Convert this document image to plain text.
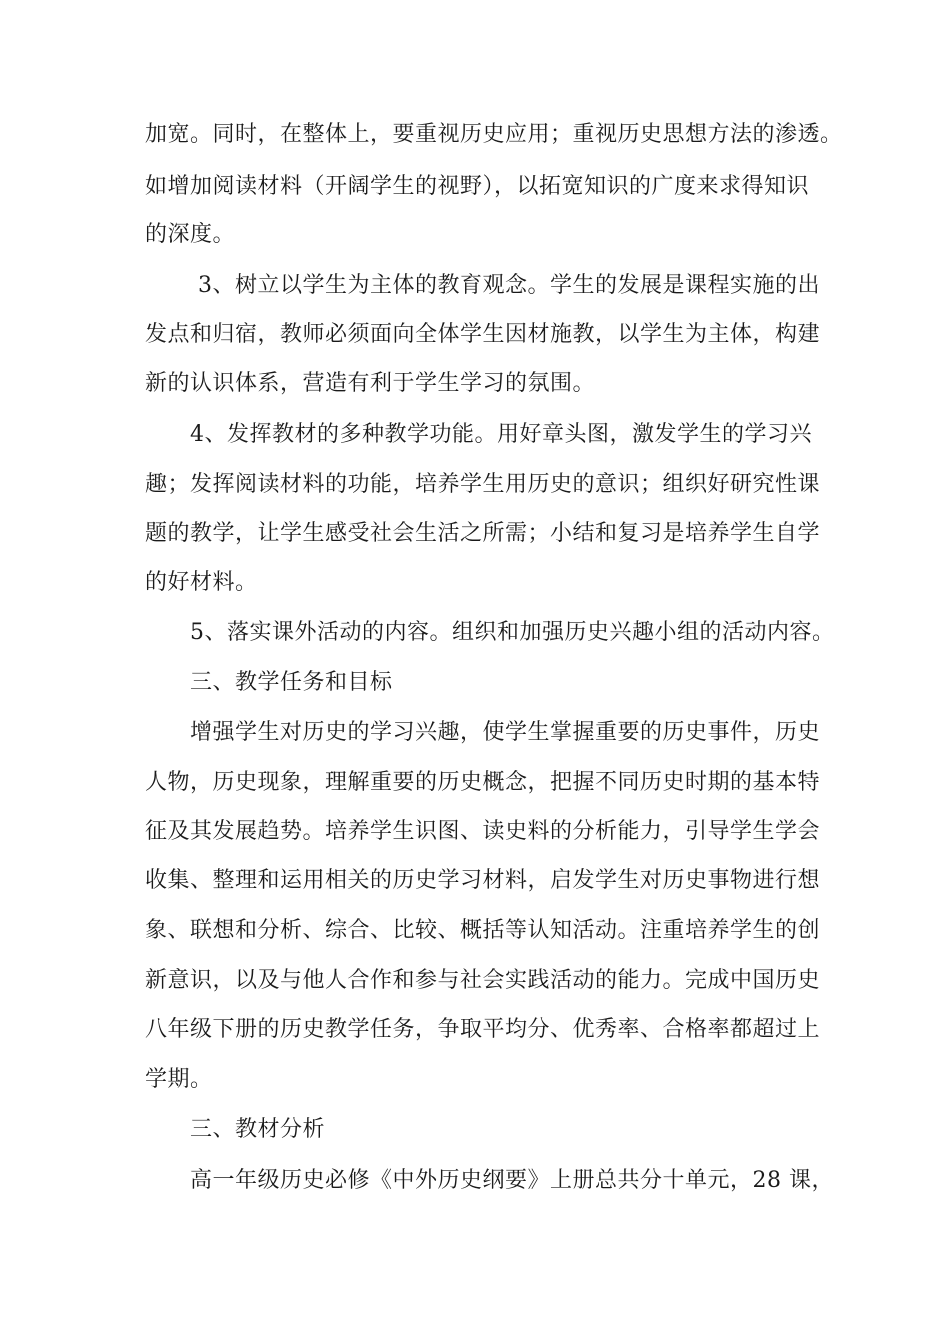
加宽。同时，在整体上，要重视历史应用；重视历史思想方法的渗透。
如增加阅读材料（开阔学生的视野），以拓宽知识的广度来求得知识
的深度。
3、树立以学生为主体的教育观念。学生的发展是课程实施的出
发点和归宿，教师必须面向全体学生因材施教，以学生为主体，构建
新的认识体系，营造有利于学生学习的氛围。
4、发挥教材的多种教学功能。用好章头图，激发学生的学习兴
趣；发挥阅读材料的功能，培养学生用历史的意识；组织好研究性课
题的教学，让学生感受社会生活之所需；小结和复习是培养学生自学
的好材料。
5、落实课外活动的内容。组织和加强历史兴趣小组的活动内容。
三、教学任务和目标
增强学生对历史的学习兴趣，使学生掌握重要的历史事件，历史
人物，历史现象，理解重要的历史概念，把握不同历史时期的基本特
征及其发展趋势。培养学生识图、读史料的分析能力，引导学生学会
收集、整理和运用相关的历史学习材料，启发学生对历史事物进行想
象、联想和分析、综合、比较、概括等认知活动。注重培养学生的创
新意识，以及与他人合作和参与社会实践活动的能力。完成中国历史
八年级下册的历史教学任务，争取平均分、优秀率、合格率都超过上
学期。
三、教材分析
高一年级历史必修《中外历史纲要》上册总共分十单元，28 课，
